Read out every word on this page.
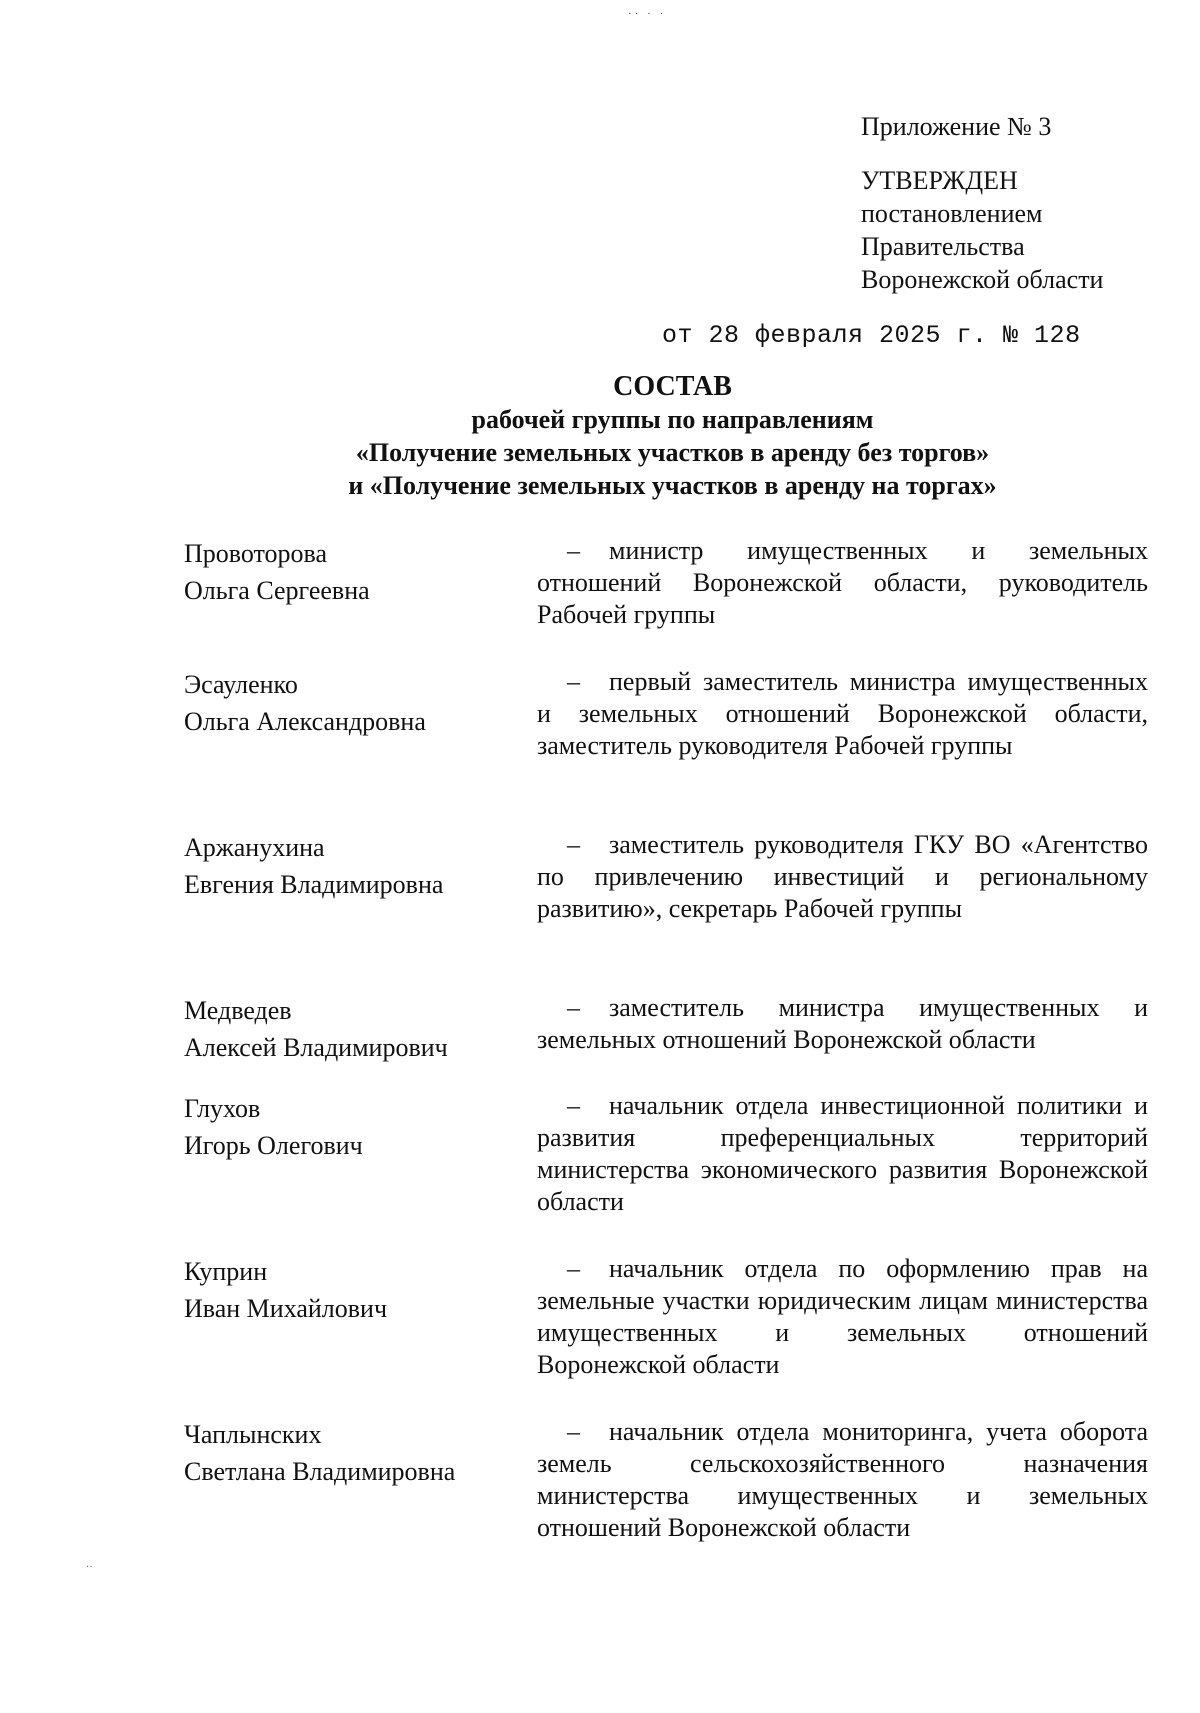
·· · ·
Приложение № 3
УТВЕРЖДЕН
постановлением
Правительства
Воронежской области
от 28 февраля 2025 г. № 128
СОСТАВ
рабочей группы по направлениям
«Получение земельных участков в аренду без торгов»
и «Получение земельных участков в аренду на торгах»
Провоторова
Ольга Сергеевна
– министр имущественных и земельных отношений Воронежской области, руководитель Рабочей группы
Эсауленко
Ольга Александровна
– первый заместитель министра имущественных и земельных отношений Воронежской области, заместитель руководителя Рабочей группы
Аржанухина
Евгения Владимировна
– заместитель руководителя ГКУ ВО «Агентство по привлечению инвестиций и региональному развитию», секретарь Рабочей группы
Медведев
Алексей Владимирович
– заместитель министра имущественных и земельных отношений Воронежской области
Глухов
Игорь Олегович
– начальник отдела инвестиционной политики и развития преференциальных территорий министерства экономического развития Воронежской области
Куприн
Иван Михайлович
– начальник отдела по оформлению прав на земельные участки юридическим лицам министерства имущественных и земельных отношений Воронежской области
Чаплынских
Светлана Владимировна
– начальник отдела мониторинга, учета оборота земель сельскохозяйственного назначения министерства имущественных и земельных отношений Воронежской области
··
